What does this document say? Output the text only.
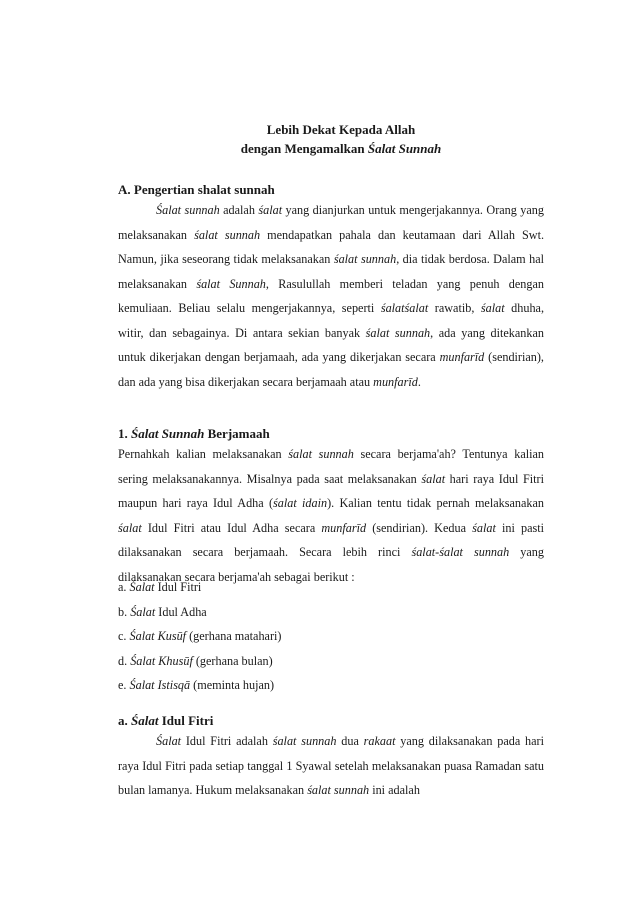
Lebih Dekat Kepada Allah
dengan Mengamalkan Śalat Sunnah
A. Pengertian shalat sunnah
Śalat sunnah adalah śalat yang dianjurkan untuk mengerjakannya. Orang yang melaksanakan śalat sunnah mendapatkan pahala dan keutamaan dari Allah Swt. Namun, jika seseorang tidak melaksanakan śalat sunnah, dia tidak berdosa. Dalam hal melaksanakan śalat Sunnah, Rasulullah memberi teladan yang penuh dengan kemuliaan. Beliau selalu mengerjakannya, seperti śalatśalat rawatib, śalat dhuha, witir, dan sebagainya. Di antara sekian banyak śalat sunnah, ada yang ditekankan untuk dikerjakan dengan berjamaah, ada yang dikerjakan secara munfarīd (sendirian), dan ada yang bisa dikerjakan secara berjamaah atau munfarīd.
1. Śalat Sunnah Berjamaah
Pernahkah kalian melaksanakan śalat sunnah secara berjama'ah? Tentunya kalian sering melaksanakannya. Misalnya pada saat melaksanakan śalat hari raya Idul Fitri maupun hari raya Idul Adha (śalat idain). Kalian tentu tidak pernah melaksanakan śalat Idul Fitri atau Idul Adha secara munfarīd (sendirian). Kedua śalat ini pasti dilaksanakan secara berjamaah. Secara lebih rinci śalat-śalat sunnah yang dilaksanakan secara berjama'ah sebagai berikut :
a. Śalat Idul Fitri
b. Śalat Idul Adha
c. Śalat Kusūf (gerhana matahari)
d. Śalat Khusūf (gerhana bulan)
e. Śalat Istisqā (meminta hujan)
a. Śalat Idul Fitri
Śalat Idul Fitri adalah śalat sunnah dua rakaat yang dilaksanakan pada hari raya Idul Fitri pada setiap tanggal 1 Syawal setelah melaksanakan puasa Ramadan satu bulan lamanya. Hukum melaksanakan śalat sunnah ini adalah
